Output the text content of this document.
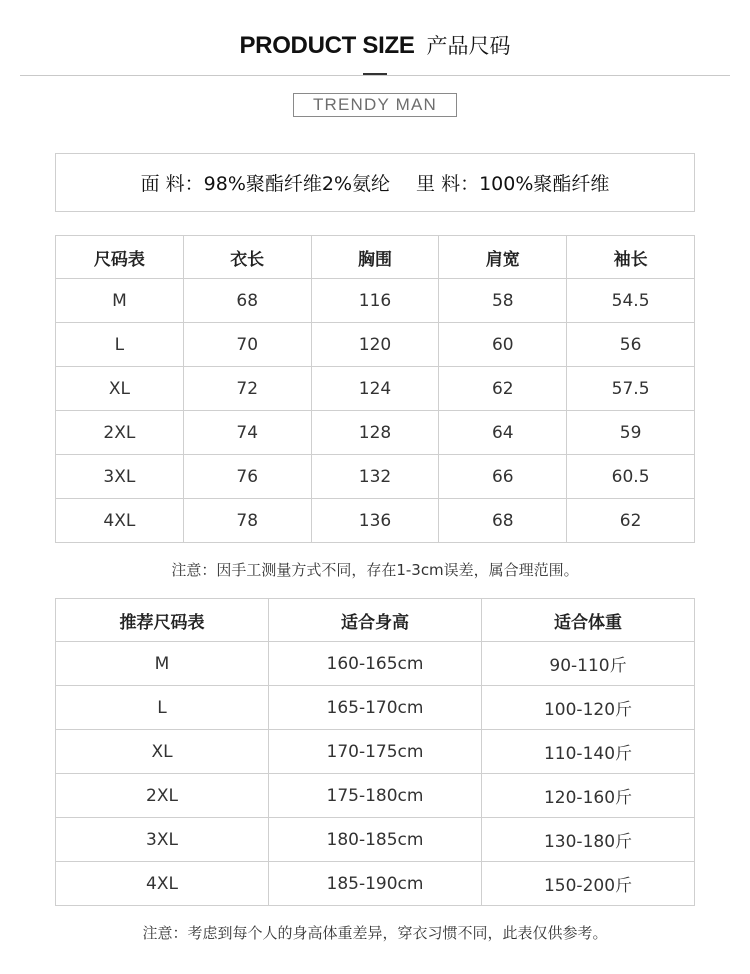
PRODUCT SIZE 产品尺码
TRENDY MAN
面 料：98%聚酯纤维2%氨纶 里 料：100%聚酯纤维
尺码表	衣长	胸围	肩宽	袖长
M	68	116	58	54.5
L	70	120	60	56
XL	72	124	62	57.5
2XL	74	128	64	59
3XL	76	132	66	60.5
4XL	78	136	68	62
注意：因手工测量方式不同，存在1-3cm误差，属合理范围。
推荐尺码表	适合身高	适合体重
M	160-165cm	90-110斤
L	165-170cm	100-120斤
XL	170-175cm	110-140斤
2XL	175-180cm	120-160斤
3XL	180-185cm	130-180斤
4XL	185-190cm	150-200斤
注意：考虑到每个人的身高体重差异，穿衣习惯不同，此表仅供参考。
